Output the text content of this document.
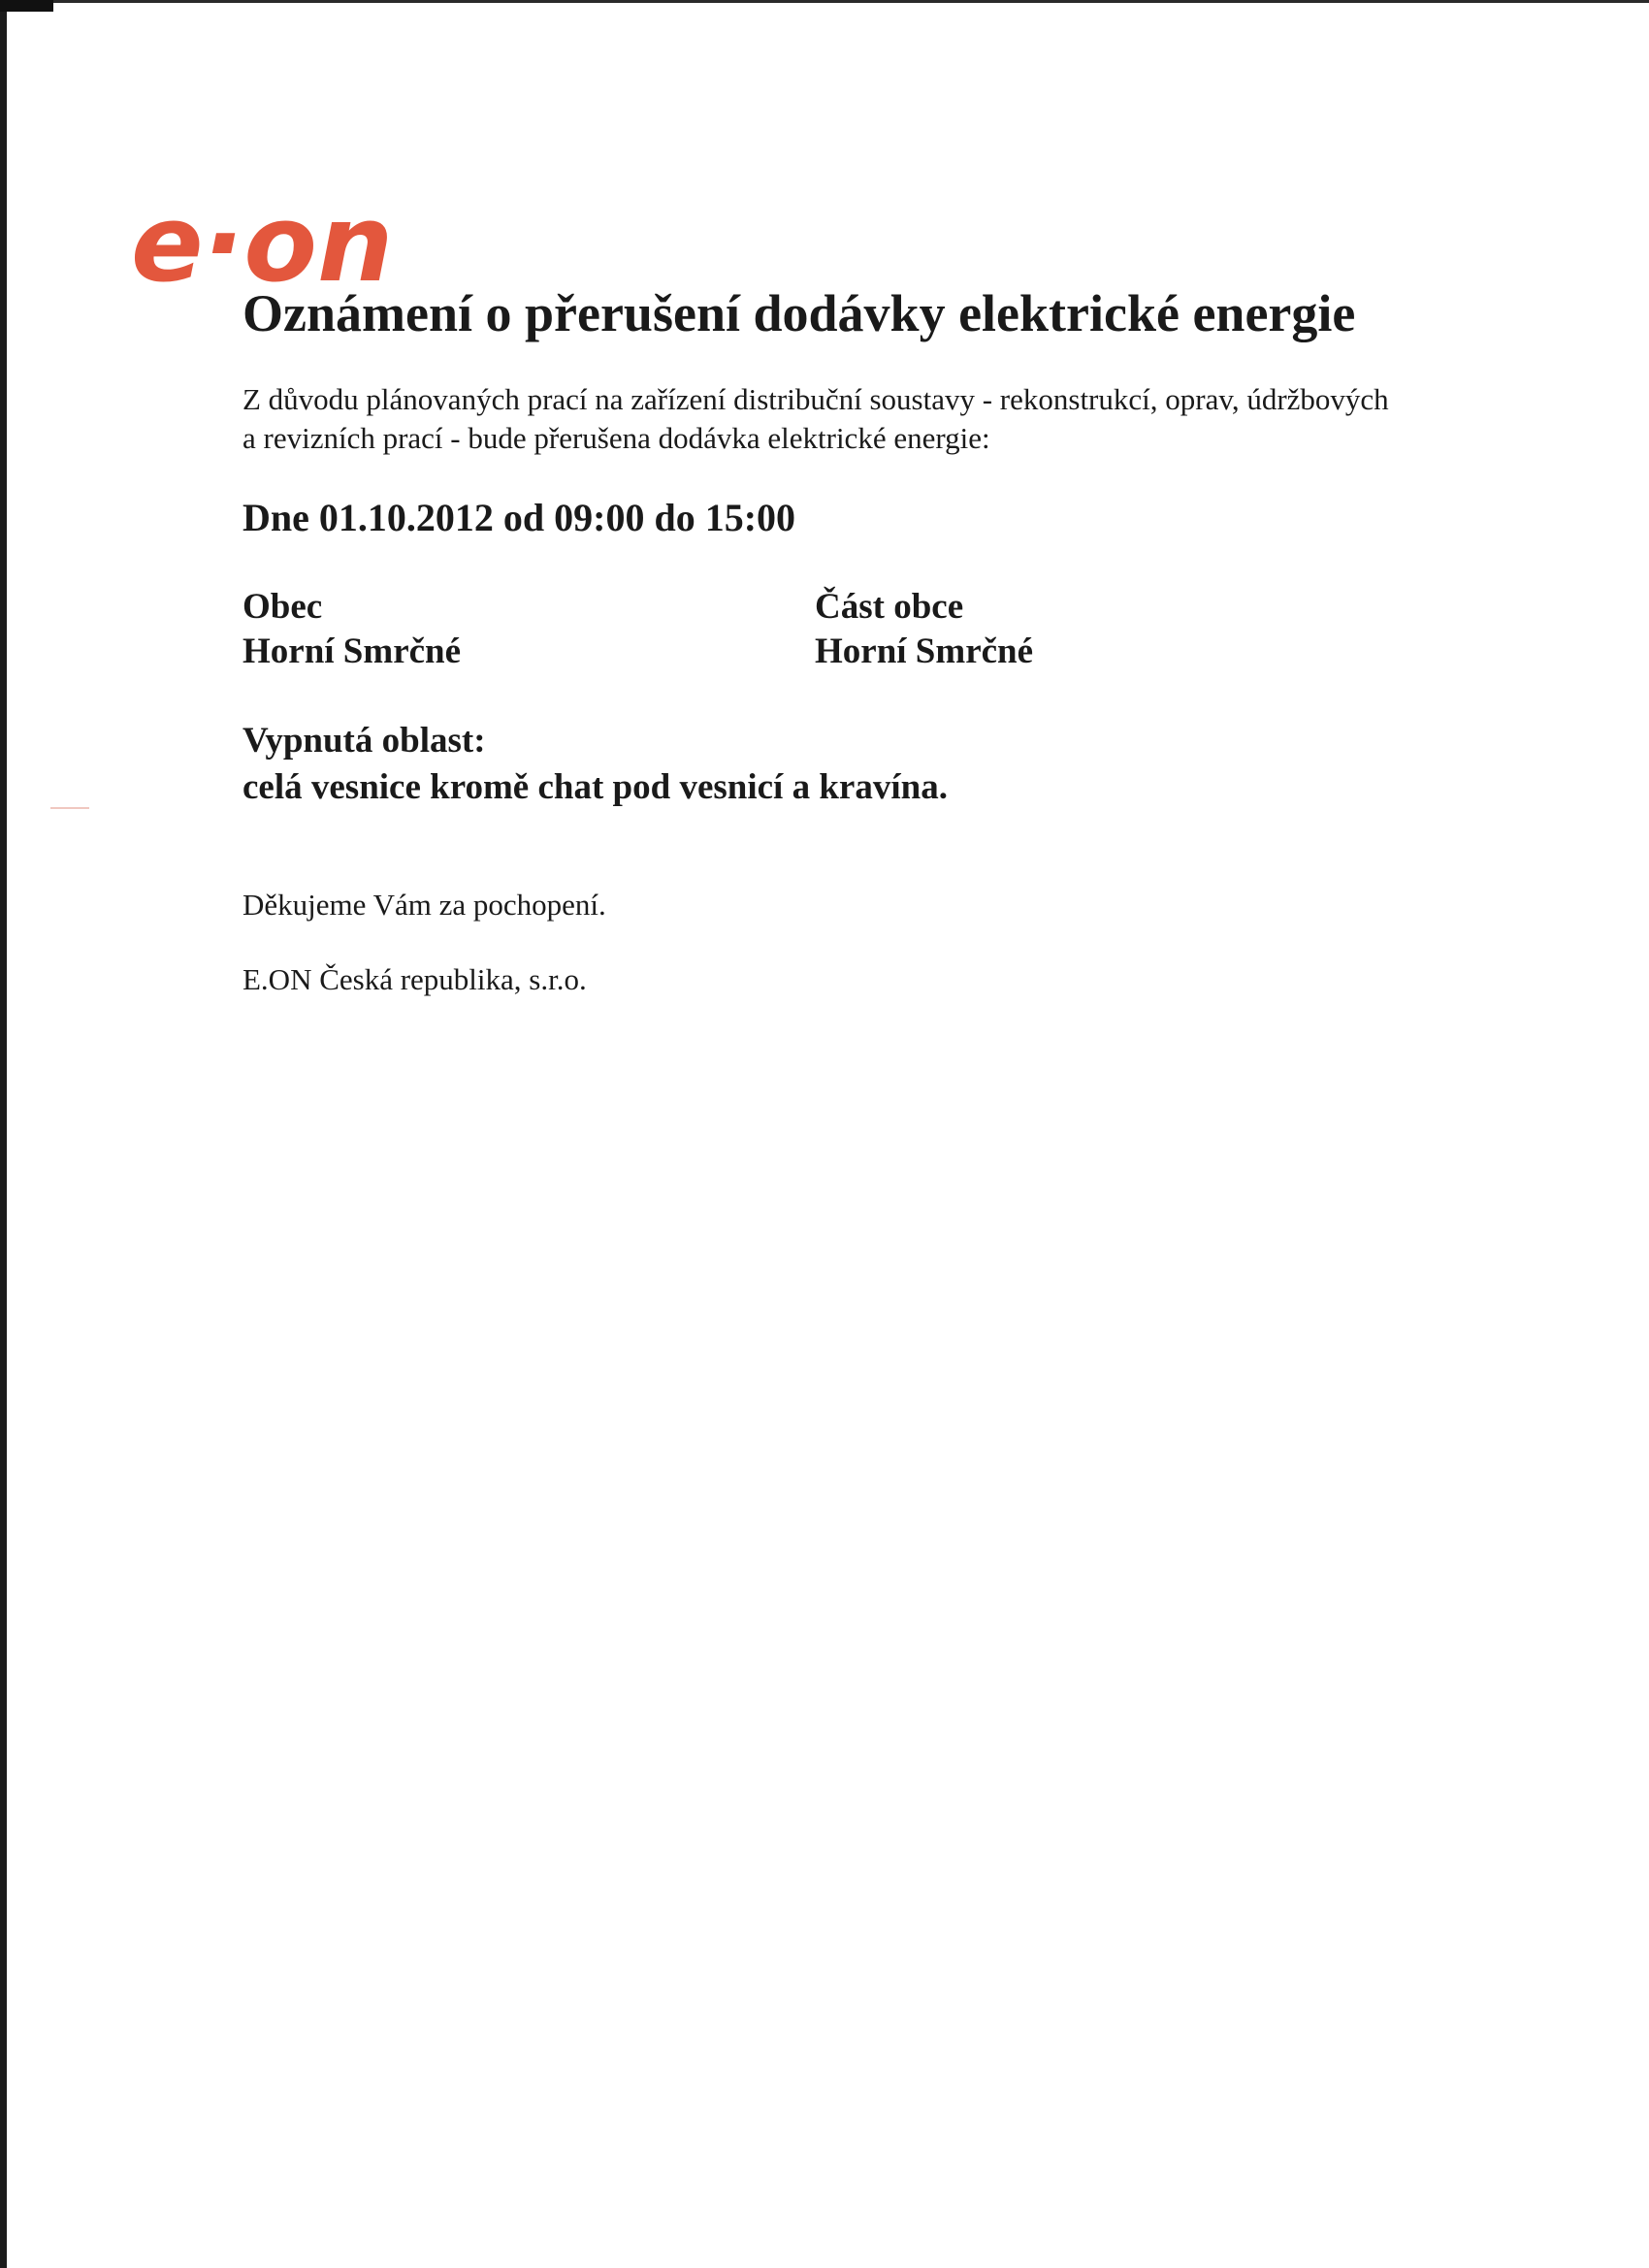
e·on
Oznámení o přerušení dodávky elektrické energie
Z důvodu plánovaných prací na zařízení distribuční soustavy - rekonstrukcí, oprav, údržbových
a revizních prací - bude přerušena dodávka elektrické energie:

Dne 01.10.2012 od 09:00 do 15:00

Obec
Horní Smrčné
Část obce
Horní Smrčné
Vypnutá oblast:
celá vesnice kromě chat pod vesnicí a kravína.

Děkujeme Vám za pochopení.

E.ON Česká republika, s.r.o.
